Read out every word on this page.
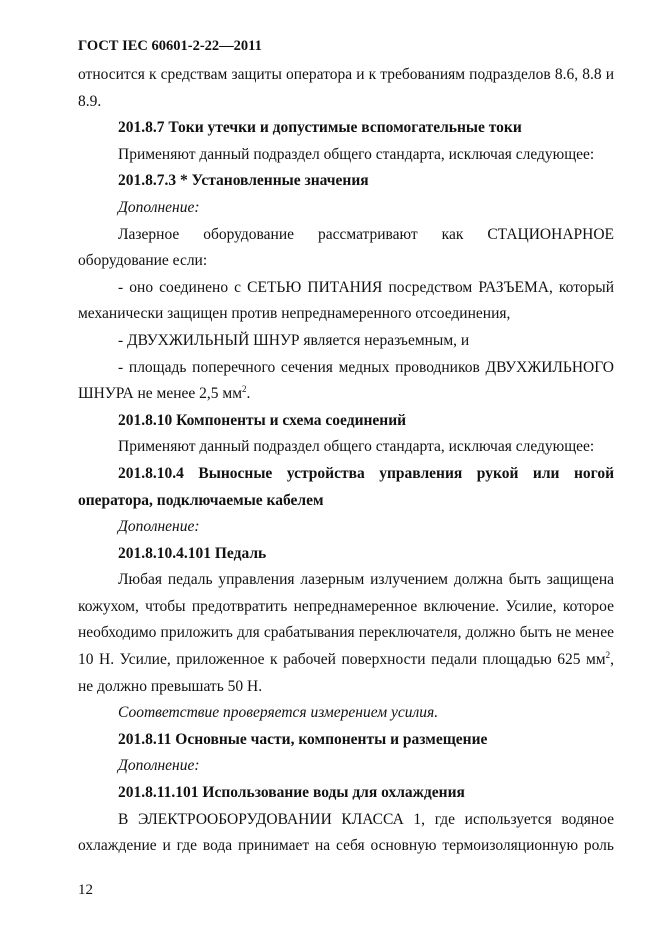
ГОСТ IEC 60601-2-22—2011

относится к средствам защиты оператора и к требованиям подразделов 8.6, 8.8 и 8.9.

201.8.7 Токи утечки и допустимые вспомогательные токи

Применяют данный подраздел общего стандарта, исключая следующее:

201.8.7.3 * Установленные значения

Дополнение:

Лазерное оборудование рассматривают как СТАЦИОНАРНОЕ оборудование если:

- оно соединено с СЕТЬЮ ПИТАНИЯ посредством РАЗЪЕМА, который механически защищен против непреднамеренного отсоединения,

- ДВУХЖИЛЬНЫЙ ШНУР является неразъемным, и

- площадь поперечного сечения медных проводников ДВУХЖИЛЬНОГО ШНУРА не менее 2,5 $мм^2$.

201.8.10 Компоненты и схема соединений

Применяют данный подраздел общего стандарта, исключая следующее:

201.8.10.4 Выносные устройства управления рукой или ногой оператора, подключаемые кабелем

Дополнение:

201.8.10.4.101 Педаль

Любая педаль управления лазерным излучением должна быть защищена кожухом, чтобы предотвратить непреднамеренное включение. Усилие, которое необходимо приложить для срабатывания переключателя, должно быть не менее 10 Н. Усилие, приложенное к рабочей поверхности педали площадью 625 $мм^2$, не должно превышать 50 Н.

Соответствие проверяется измерением усилия.

201.8.11 Основные части, компоненты и размещение

Дополнение:

201.8.11.101 Использование воды для охлаждения

В ЭЛЕКТРООБОРУДОВАНИИ КЛАССА 1, где используется водяное охлаждение и где вода принимает на себя основную термоизоляционную роль

12
